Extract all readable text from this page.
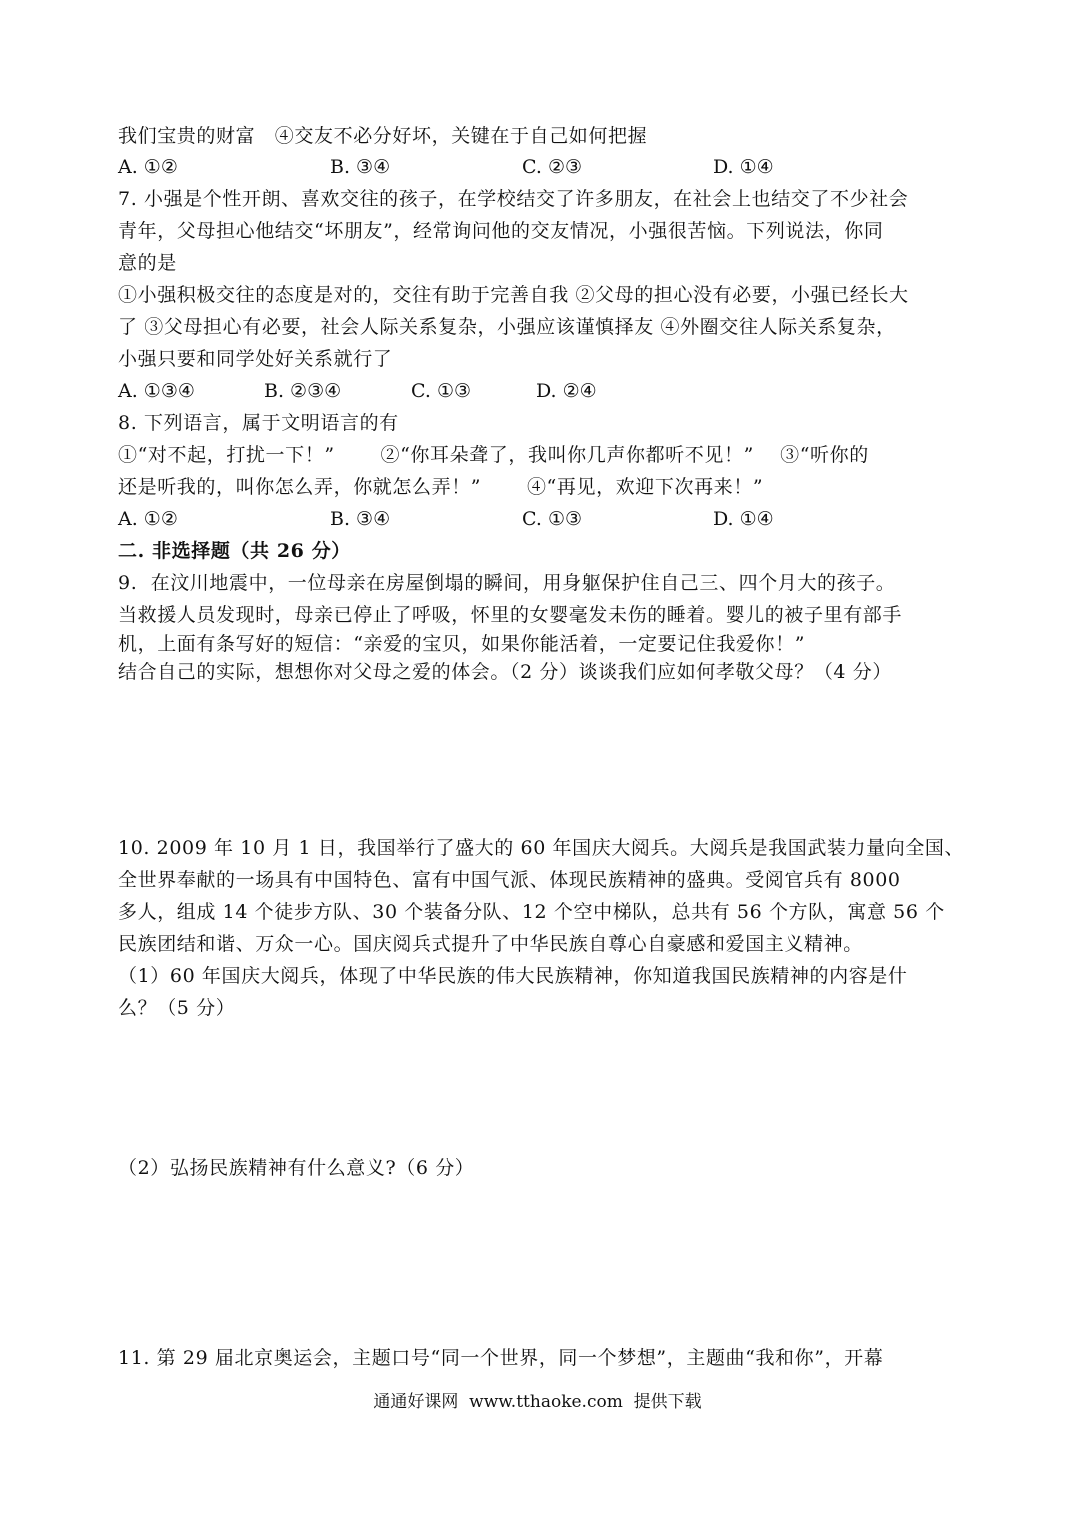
我们宝贵的财富　④交友不必分好坏，关键在于自己如何把握

A. ①②

	B. ③④

	C. ②③

	D. ①④

7. 小强是个性开朗、喜欢交往的孩子，在学校结交了许多朋友，在社会上也结交了不少社会
青年，父母担心他结交“坏朋友”，经常询问他的交友情况，小强很苦恼。下列说法，你同
意的是
①小强积极交往的态度是对的，交往有助于完善自我 ②父母的担心没有必要，小强已经长大
了 ③父母担心有必要，社会人际关系复杂，小强应该谨慎择友 ④外圈交往人际关系复杂，
小强只要和同学处好关系就行了

A. ①③④

	B. ②③④

	C. ①③

	D. ②④

8. 下列语言，属于文明语言的有
①“对不起，打扰一下！”　　 ②“你耳朵聋了，我叫你几声你都听不见！”　 ③“听你的
还是听我的，叫你怎么弄，你就怎么弄！”　　 ④“再见，欢迎下次再来！”

A. ①②

	B. ③④

	C. ①③

	D. ①④

二. 非选择题（共 26 分）
9.  在汶川地震中，一位母亲在房屋倒塌的瞬间，用身躯保护住自己三、四个月大的孩子。
当救援人员发现时，母亲已停止了呼吸，怀里的女婴毫发未伤的睡着。婴儿的被子里有部手
机，上面有条写好的短信：“亲爱的宝贝，如果你能活着，一定要记住我爱你！”
结合自己的实际，想想你对父母之爱的体会。（2 分）谈谈我们应如何孝敬父母？（4 分）
10. 2009 年 10 月 1 日，我国举行了盛大的 60 年国庆大阅兵。大阅兵是我国武装力量向全国、
全世界奉献的一场具有中国特色、富有中国气派、体现民族精神的盛典。受阅官兵有 8000
多人，组成 14 个徒步方队、30 个装备分队、12 个空中梯队，总共有 56 个方队，寓意 56 个
民族团结和谐、万众一心。国庆阅兵式提升了中华民族自尊心自豪感和爱国主义精神。
（1）60 年国庆大阅兵，体现了中华民族的伟大民族精神，你知道我国民族精神的内容是什
么？（5 分）
（2）弘扬民族精神有什么意义?（6 分）
11. 第 29 届北京奥运会，主题口号“同一个世界，同一个梦想”，主题曲“我和你”，开幕
通通好课网  www.tthaoke.com  提供下载
